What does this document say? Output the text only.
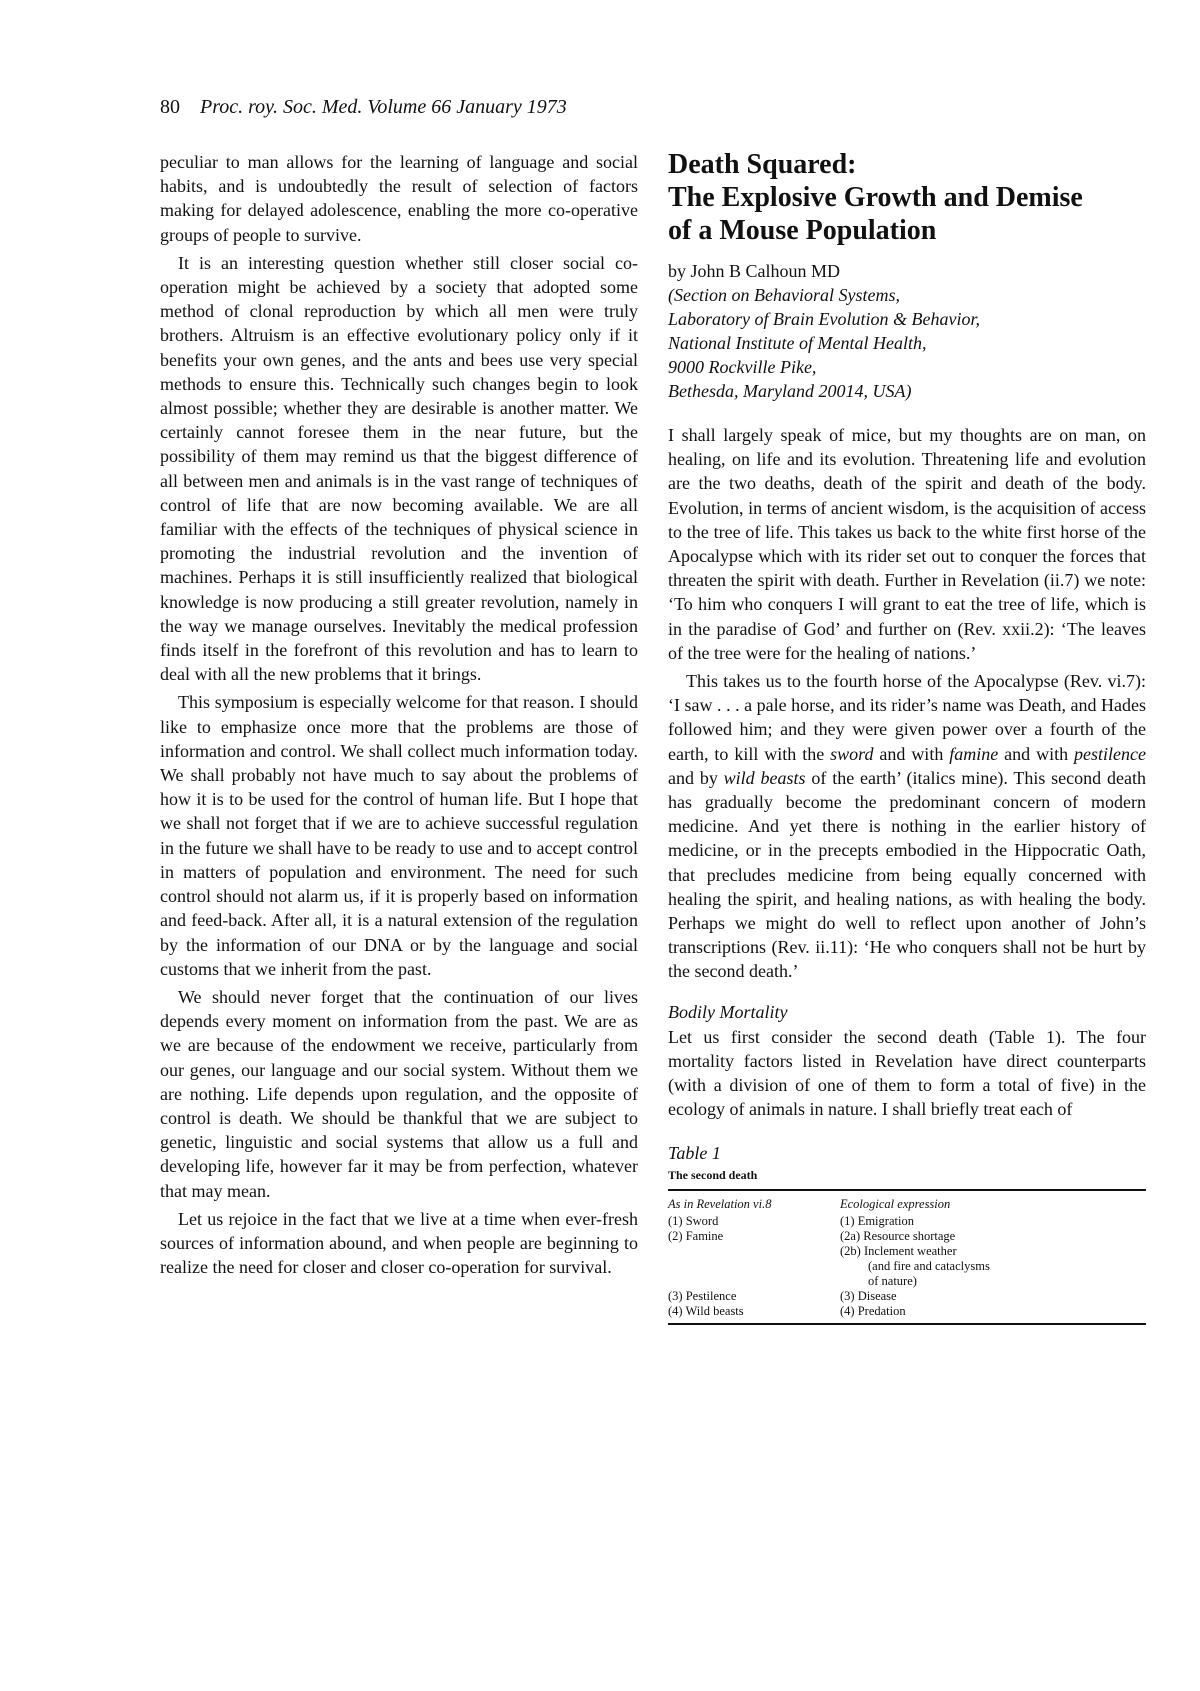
80 Proc. roy. Soc. Med. Volume 66 January 1973

peculiar to man allows for the learning of language and social habits, and is undoubtedly the result of selection of factors making for delayed adolescence, enabling the more co-operative groups of people to survive.

It is an interesting question whether still closer social co-operation might be achieved by a society that adopted some method of clonal reproduction by which all men were truly brothers. Altruism is an effective evolutionary policy only if it benefits your own genes, and the ants and bees use very special methods to ensure this. Technically such changes begin to look almost possible; whether they are desirable is another matter. We certainly cannot foresee them in the near future, but the possibility of them may remind us that the biggest difference of all between men and animals is in the vast range of techniques of control of life that are now becoming available. We are all familiar with the effects of the techniques of physical science in promoting the industrial revolution and the invention of machines. Perhaps it is still insufficiently realized that biological knowledge is now producing a still greater revolution, namely in the way we manage ourselves. Inevitably the medical profession finds itself in the forefront of this revolution and has to learn to deal with all the new problems that it brings.

This symposium is especially welcome for that reason. I should like to emphasize once more that the problems are those of information and control. We shall collect much information today. We shall probably not have much to say about the problems of how it is to be used for the control of human life. But I hope that we shall not forget that if we are to achieve successful regulation in the future we shall have to be ready to use and to accept control in matters of population and environment. The need for such control should not alarm us, if it is properly based on information and feed-back. After all, it is a natural extension of the regulation by the information of our DNA or by the language and social customs that we inherit from the past.

We should never forget that the continuation of our lives depends every moment on information from the past. We are as we are because of the endowment we receive, particularly from our genes, our language and our social system. Without them we are nothing. Life depends upon regulation, and the opposite of control is death. We should be thankful that we are subject to genetic, linguistic and social systems that allow us a full and developing life, however far it may be from perfection, whatever that may mean.

Let us rejoice in the fact that we live at a time when ever-fresh sources of information abound, and when people are beginning to realize the need for closer and closer co-operation for survival.

Death Squared:
The Explosive Growth and Demise
of a Mouse Population
by John B Calhoun MD
(Section on Behavioral Systems,
Laboratory of Brain Evolution & Behavior,
National Institute of Mental Health,
9000 Rockville Pike,
Bethesda, Maryland 20014, USA)

I shall largely speak of mice, but my thoughts are on man, on healing, on life and its evolution. Threatening life and evolution are the two deaths, death of the spirit and death of the body. Evolution, in terms of ancient wisdom, is the acquisition of access to the tree of life. This takes us back to the white first horse of the Apocalypse which with its rider set out to conquer the forces that threaten the spirit with death. Further in Revelation (ii.7) we note: ‘To him who conquers I will grant to eat the tree of life, which is in the paradise of God’ and further on (Rev. xxii.2): ‘The leaves of the tree were for the healing of nations.’

This takes us to the fourth horse of the Apocalypse (Rev. vi.7): ‘I saw . . . a pale horse, and its rider’s name was Death, and Hades followed him; and they were given power over a fourth of the earth, to kill with the sword and with famine and with pestilence and by wild beasts of the earth’ (italics mine). This second death has gradually become the predominant concern of modern medicine. And yet there is nothing in the earlier history of medicine, or in the precepts embodied in the Hippocratic Oath, that precludes medicine from being equally concerned with healing the spirit, and healing nations, as with healing the body. Perhaps we might do well to reflect upon another of John’s transcriptions (Rev. ii.11): ‘He who conquers shall not be hurt by the second death.’

Bodily Mortality

Let us first consider the second death (Table 1). The four mortality factors listed in Revelation have direct counterparts (with a division of one of them to form a total of five) in the ecology of animals in nature. I shall briefly treat each of

Table 1
The second death
As in Revelation vi.8
(1) Sword
(2) Famine
(3) Pestilence
(4) Wild beasts
Ecological expression
(1) Emigration
(2a) Resource shortage
(2b) Inclement weather
(and fire and cataclysms
of nature)
(3) Disease
(4) Predation
